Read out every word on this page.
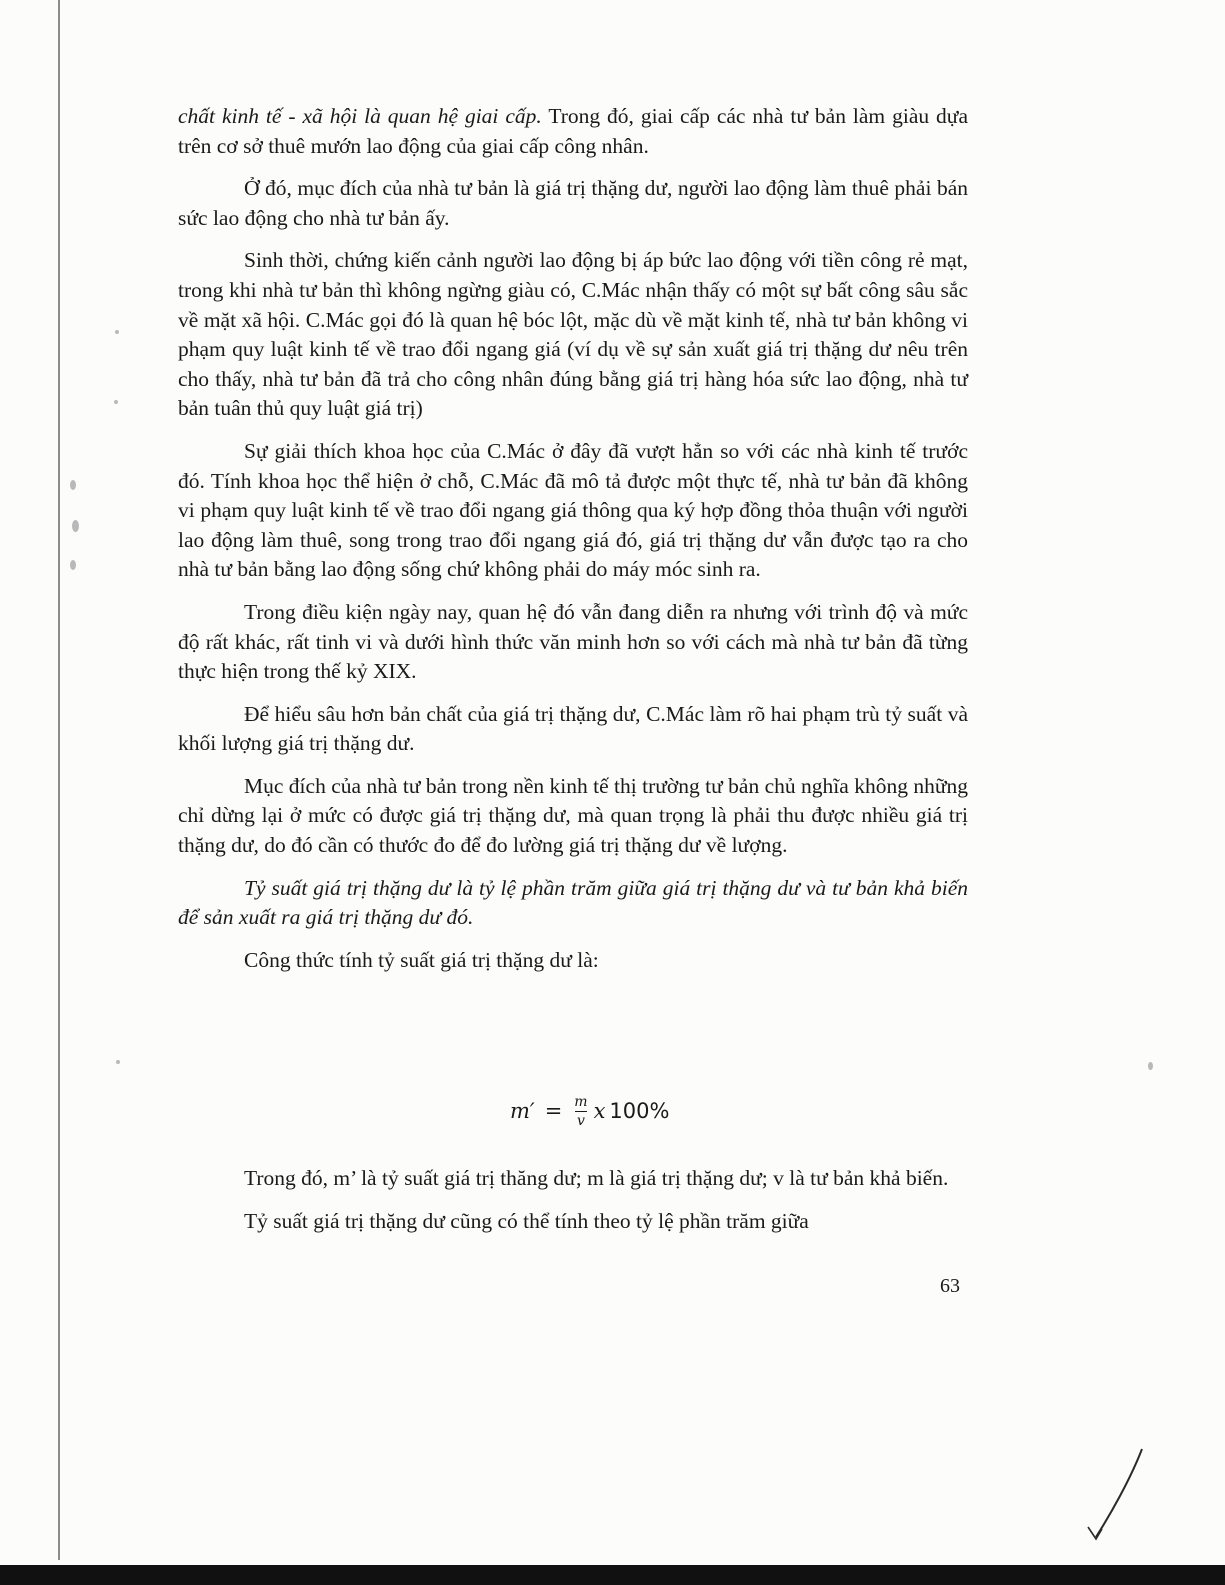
chất kinh tế - xã hội là quan hệ giai cấp. Trong đó, giai cấp các nhà tư bản làm giàu dựa trên cơ sở thuê mướn lao động của giai cấp công nhân.

Ở đó, mục đích của nhà tư bản là giá trị thặng dư, người lao động làm thuê phải bán sức lao động cho nhà tư bản ấy.

Sinh thời, chứng kiến cảnh người lao động bị áp bức lao động với tiền công rẻ mạt, trong khi nhà tư bản thì không ngừng giàu có, C.Mác nhận thấy có một sự bất công sâu sắc về mặt xã hội. C.Mác gọi đó là quan hệ bóc lột, mặc dù về mặt kinh tế, nhà tư bản không vi phạm quy luật kinh tế về trao đổi ngang giá (ví dụ về sự sản xuất giá trị thặng dư nêu trên cho thấy, nhà tư bản đã trả cho công nhân đúng bằng giá trị hàng hóa sức lao động, nhà tư bản tuân thủ quy luật giá trị)

Sự giải thích khoa học của C.Mác ở đây đã vượt hẳn so với các nhà kinh tế trước đó. Tính khoa học thể hiện ở chỗ, C.Mác đã mô tả được một thực tế, nhà tư bản đã không vi phạm quy luật kinh tế về trao đổi ngang giá thông qua ký hợp đồng thỏa thuận với người lao động làm thuê, song trong trao đổi ngang giá đó, giá trị thặng dư vẫn được tạo ra cho nhà tư bản bằng lao động sống chứ không phải do máy móc sinh ra.

Trong điều kiện ngày nay, quan hệ đó vẫn đang diễn ra nhưng với trình độ và mức độ rất khác, rất tinh vi và dưới hình thức văn minh hơn so với cách mà nhà tư bản đã từng thực hiện trong thế kỷ XIX.

Để hiểu sâu hơn bản chất của giá trị thặng dư, C.Mác làm rõ hai phạm trù tỷ suất và khối lượng giá trị thặng dư.

Mục đích của nhà tư bản trong nền kinh tế thị trường tư bản chủ nghĩa không những chỉ dừng lại ở mức có được giá trị thặng dư, mà quan trọng là phải thu được nhiều giá trị thặng dư, do đó cần có thước đo để đo lường giá trị thặng dư về lượng.

Tỷ suất giá trị thặng dư là tỷ lệ phần trăm giữa giá trị thặng dư và tư bản khả biến để sản xuất ra giá trị thặng dư đó.

Công thức tính tỷ suất giá trị thặng dư là:

$m' = \frac{m}{v}$ x 100%

Trong đó, m’ là tỷ suất giá trị thăng dư; m là giá trị thặng dư; v là tư bản khả biến.

Tỷ suất giá trị thặng dư cũng có thể tính theo tỷ lệ phần trăm giữa

63
